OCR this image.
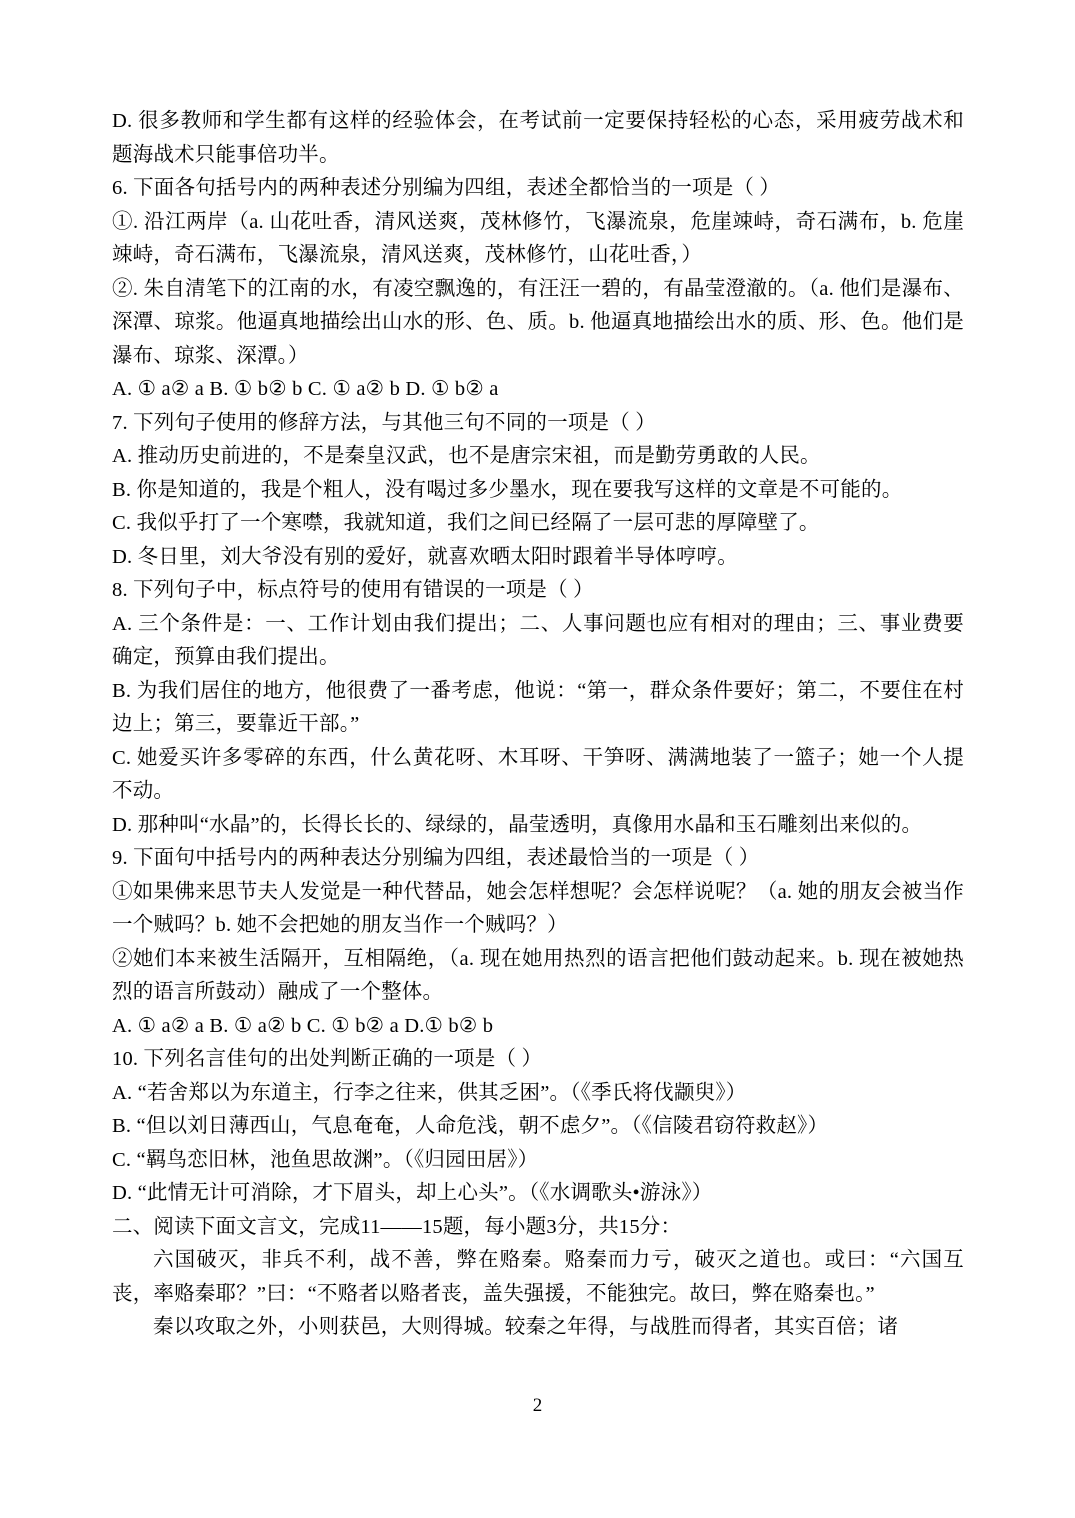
D. 很多教师和学生都有这样的经验体会，在考试前一定要保持轻松的心态，采用疲劳战术和题海战术只能事倍功半。

6. 下面各句括号内的两种表述分别编为四组，表述全都恰当的一项是（ ）

①. 沿江两岸（a. 山花吐香，清风送爽，茂林修竹，飞瀑流泉，危崖竦峙，奇石满布，b. 危崖竦峙，奇石满布，飞瀑流泉，清风送爽，茂林修竹，山花吐香，）

②. 朱自清笔下的江南的水，有凌空飘逸的，有汪汪一碧的，有晶莹澄澈的。（a. 他们是瀑布、深潭、琼浆。他逼真地描绘出山水的形、色、质。b. 他逼真地描绘出水的质、形、色。他们是瀑布、琼浆、深潭。）

A. ① a② a B. ① b② b C. ① a② b D. ① b② a

7. 下列句子使用的修辞方法，与其他三句不同的一项是（ ）

A. 推动历史前进的，不是秦皇汉武，也不是唐宗宋祖，而是勤劳勇敢的人民。

B. 你是知道的，我是个粗人，没有喝过多少墨水，现在要我写这样的文章是不可能的。

C. 我似乎打了一个寒噤，我就知道，我们之间已经隔了一层可悲的厚障壁了。

D. 冬日里，刘大爷没有别的爱好，就喜欢晒太阳时跟着半导体哼哼。

8. 下列句子中，标点符号的使用有错误的一项是（ ）

A. 三个条件是：一、工作计划由我们提出；二、人事问题也应有相对的理由；三、事业费要确定，预算由我们提出。

B. 为我们居住的地方，他很费了一番考虑，他说：“第一，群众条件要好；第二，不要住在村边上；第三，要靠近干部。”

C. 她爱买许多零碎的东西，什么黄花呀、木耳呀、干笋呀、满满地装了一篮子；她一个人提不动。

D. 那种叫“水晶”的，长得长长的、绿绿的，晶莹透明，真像用水晶和玉石雕刻出来似的。

9. 下面句中括号内的两种表达分别编为四组，表述最恰当的一项是（ ）

①如果佛来思节夫人发觉是一种代替品，她会怎样想呢？会怎样说呢？（a. 她的朋友会被当作一个贼吗？b. 她不会把她的朋友当作一个贼吗？）

②她们本来被生活隔开，互相隔绝，（a. 现在她用热烈的语言把他们鼓动起来。b. 现在被她热烈的语言所鼓动）融成了一个整体。

A. ① a② a B. ① a② b C. ① b② a D.① b② b

10. 下列名言佳句的出处判断正确的一项是（ ）

A. “若舍郑以为东道主，行李之往来，供其乏困”。（《季氏将伐颛臾》）

B. “但以刘日薄西山，气息奄奄，人命危浅，朝不虑夕”。（《信陵君窃符救赵》）

C. “羁鸟恋旧林，池鱼思故渊”。（《归园田居》）

D. “此情无计可消除，才下眉头，却上心头”。（《水调歌头•游泳》）

二、阅读下面文言文，完成11——15题，每小题3分，共15分：

六国破灭，非兵不利，战不善，弊在赂秦。赂秦而力亏，破灭之道也。或曰：“六国互丧，率赂秦耶？”曰：“不赂者以赂者丧，盖失强援，不能独完。故曰，弊在赂秦也。”

秦以攻取之外，小则获邑，大则得城。较秦之年得，与战胜而得者，其实百倍；诸

2
